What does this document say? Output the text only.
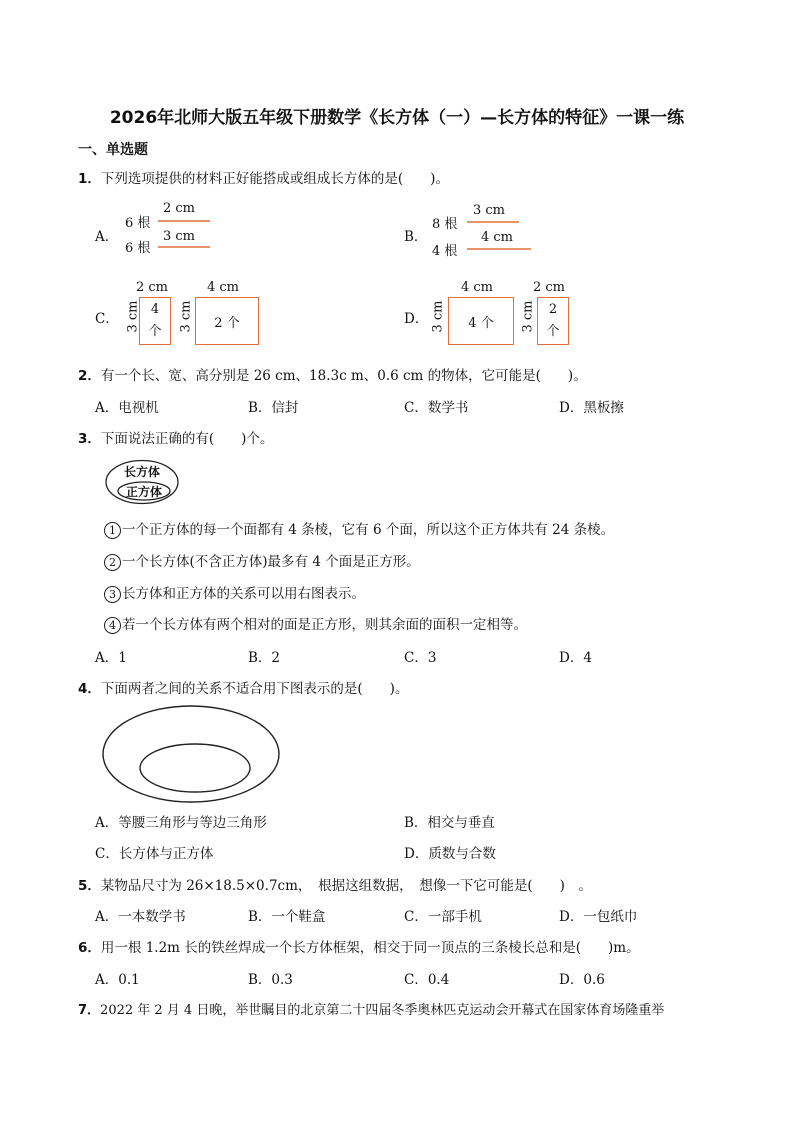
2026年北师大版五年级下册数学《长方体（一）—长方体的特征》一课一练
一、单选题
1．下列选项提供的材料正好能搭成或组成长方体的是(　　)。
A．
6 根
2 cm
6 根
3 cm	B．
8 根
3 cm
4 根
4 cm
C．
2 cm
3 cm 4
个
4 cm
3 cm	2 个	D．
4 cm
3 cm	4 个
2 cm
3 cm	2
个
2．有一个长、宽、高分别是 26 cm、18.3c m、0.6 cm 的物体，它可能是(　　)。
A．电视机	B．信封	C．数学书	D．黑板擦
3．下面说法正确的有(　　)个。
长方体
正方体
1 一个正方体的每一个面都有 4 条棱，它有 6 个面，所以这个正方体共有 24 条棱。
2 一个长方体(不含正方体)最多有 4 个面是正方形。
3 长方体和正方体的关系可以用右图表示。
4 若一个长方体有两个相对的面是正方形，则其余面的面积一定相等。
A．1	B．2	C．3	D．4
4．下面两者之间的关系不适合用下图表示的是(　　)。
A．等腰三角形与等边三角形	B．相交与垂直
C．长方体与正方体	D．质数与合数
5．某物品尺寸为 26×18.5×0.7cm，　根据这组数据，　想像一下它可能是(　　)　。
A．一本数学书	B．一个鞋盒	C．一部手机	D．一包纸巾
6．用一根 1.2m 长的铁丝焊成一个长方体框架，相交于同一顶点的三条棱长总和是(　　)m。
A．0.1	B．0.3	C．0.4	D．0.6
7．2022 年 2 月 4 日晚，举世瞩目的北京第二十四届冬季奥林匹克运动会开幕式在国家体育场隆重举
